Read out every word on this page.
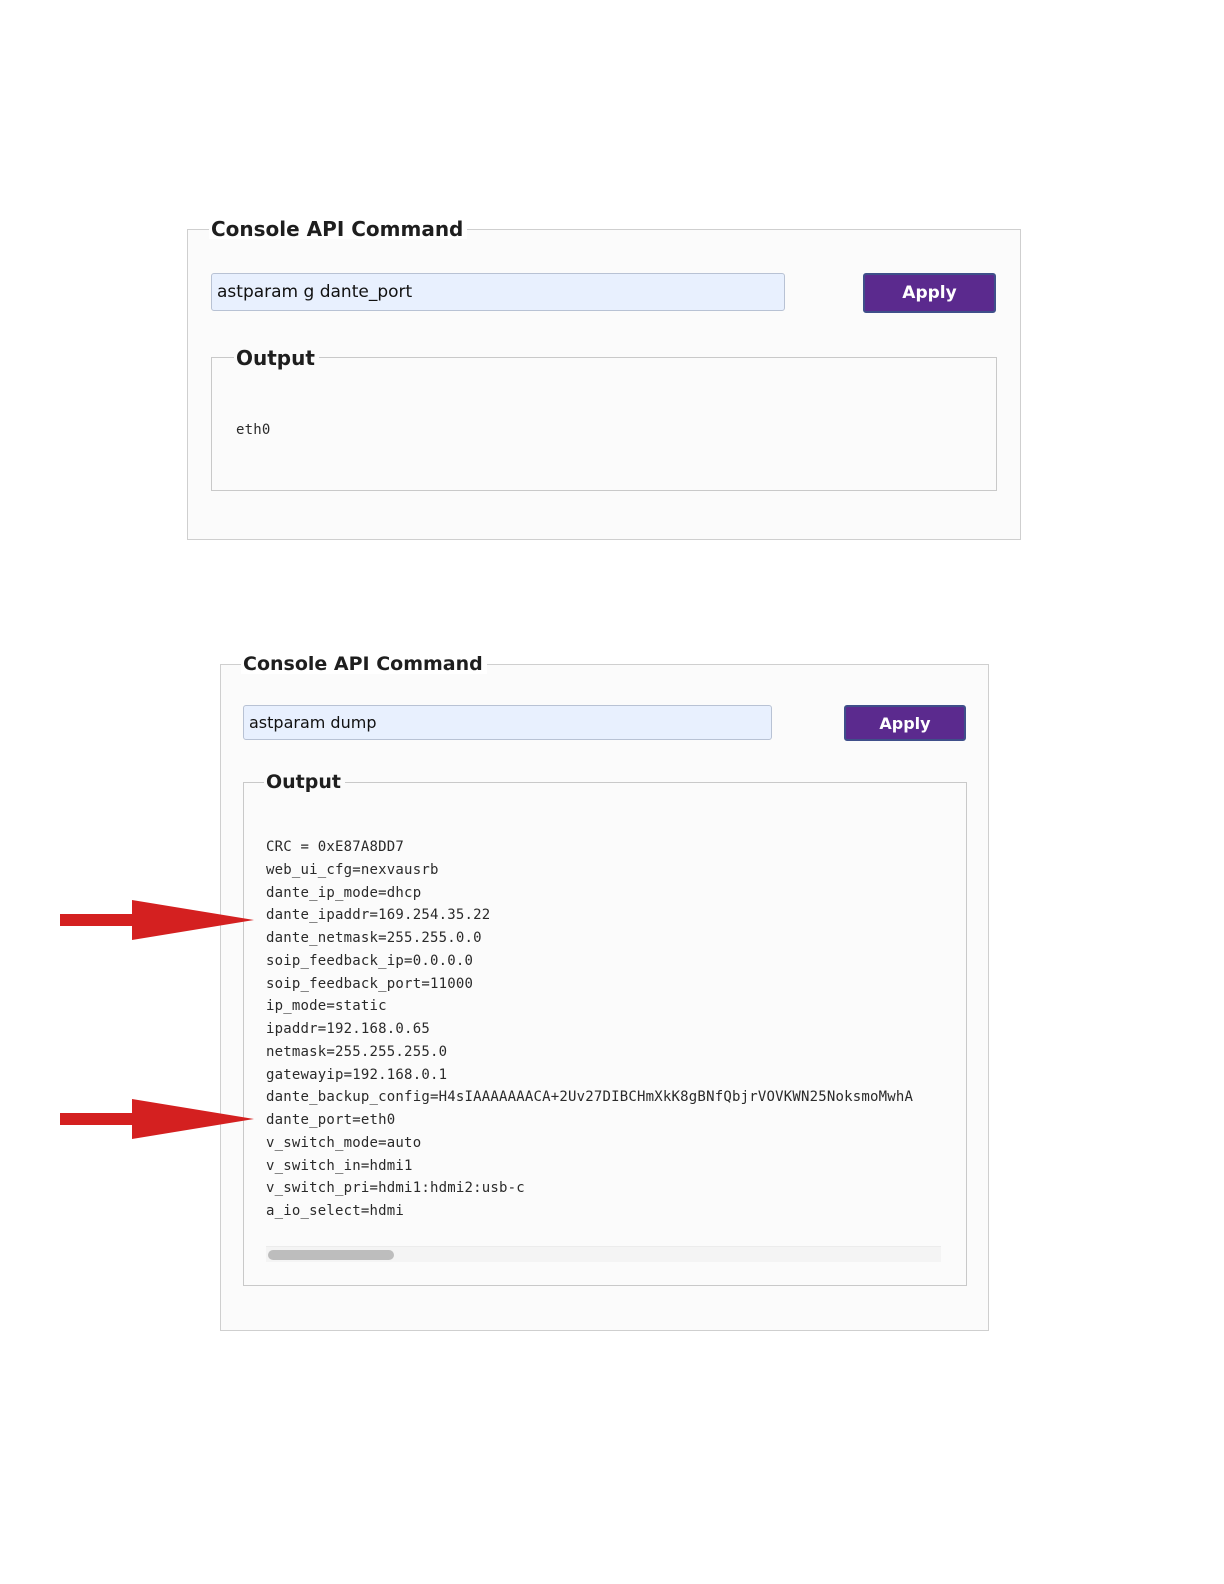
Console API Command
astparam g dante_port
Apply
Output
eth0
Console API Command
astparam dump
Apply
Output
CRC = 0xE87A8DD7
web_ui_cfg=nexvausrb
dante_ip_mode=dhcp
dante_ipaddr=169.254.35.22
dante_netmask=255.255.0.0
soip_feedback_ip=0.0.0.0
soip_feedback_port=11000
ip_mode=static
ipaddr=192.168.0.65
netmask=255.255.255.0
gatewayip=192.168.0.1
dante_backup_config=H4sIAAAAAAACA+2Uv27DIBCHmXkK8gBNfQbjrVOVKWN25NoksmoMwhA
dante_port=eth0
v_switch_mode=auto
v_switch_in=hdmi1
v_switch_pri=hdmi1:hdmi2:usb-c
a_io_select=hdmi
